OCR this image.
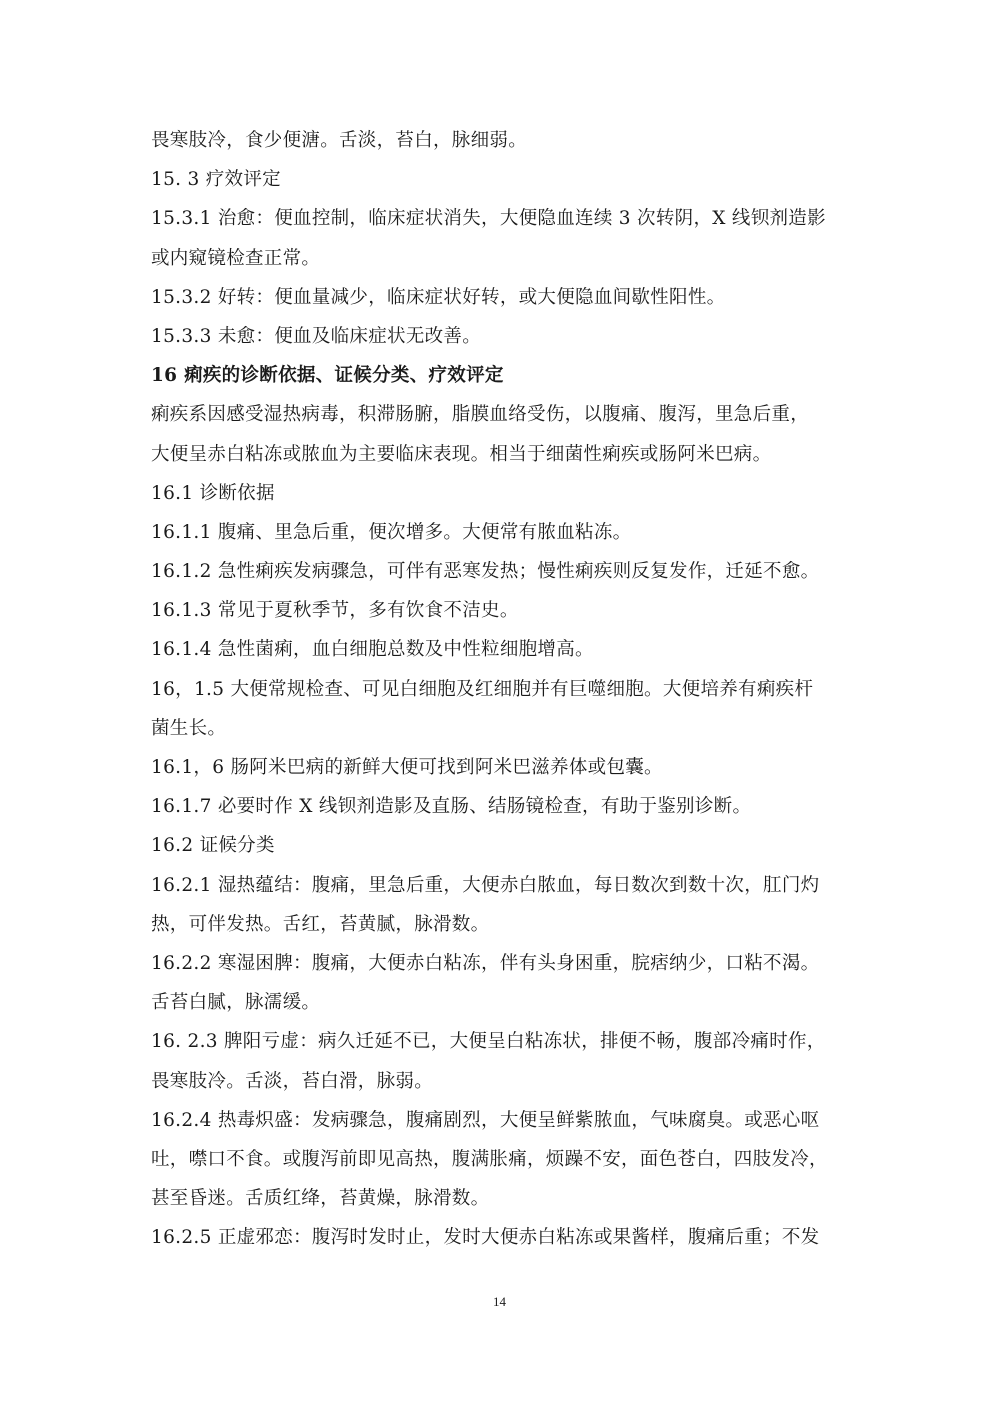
畏寒肢冷，食少便溏。舌淡，苔白，脉细弱。
15. 3 疗效评定
15.3.1 治愈：便血控制，临床症状消失，大便隐血连续 3 次转阴，X 线钡剂造影
或内窥镜检查正常。
15.3.2 好转：便血量减少，临床症状好转，或大便隐血间歇性阳性。
15.3.3 未愈：便血及临床症状无改善。
16 痢疾的诊断依据、证候分类、疗效评定
痢疾系因感受湿热病毒，积滞肠腑，脂膜血络受伤，以腹痛、腹泻，里急后重，
大便呈赤白粘冻或脓血为主要临床表现。相当于细菌性痢疾或肠阿米巴病。
16.1 诊断依据
16.1.1 腹痛、里急后重，便次增多。大便常有脓血粘冻。
16.1.2 急性痢疾发病骤急，可伴有恶寒发热；慢性痢疾则反复发作，迁延不愈。
16.1.3 常见于夏秋季节，多有饮食不洁史。
16.1.4 急性菌痢，血白细胞总数及中性粒细胞增高。
16，1.5 大便常规检查、可见白细胞及红细胞并有巨噬细胞。大便培养有痢疾杆
菌生长。
16.1，6 肠阿米巴病的新鲜大便可找到阿米巴滋养体或包囊。
16.1.7 必要时作 X 线钡剂造影及直肠、结肠镜检查，有助于鉴别诊断。
16.2 证候分类
16.2.1 湿热蕴结：腹痛，里急后重，大便赤白脓血，每日数次到数十次，肛门灼
热，可伴发热。舌红，苔黄腻，脉滑数。
16.2.2 寒湿困脾：腹痛，大便赤白粘冻，伴有头身困重，脘痞纳少，口粘不渴。
舌苔白腻，脉濡缓。
16. 2.3 脾阳亏虚：病久迁延不已，大便呈白粘冻状，排便不畅，腹部冷痛时作，
畏寒肢冷。舌淡，苔白滑，脉弱。
16.2.4 热毒炽盛：发病骤急，腹痛剧烈，大便呈鲜紫脓血，气味腐臭。或恶心呕
吐，噤口不食。或腹泻前即见高热，腹满胀痛，烦躁不安，面色苍白，四肢发冷，
甚至昏迷。舌质红绛，苔黄燥，脉滑数。
16.2.5 正虚邪恋：腹泻时发时止，发时大便赤白粘冻或果酱样，腹痛后重；不发
14
